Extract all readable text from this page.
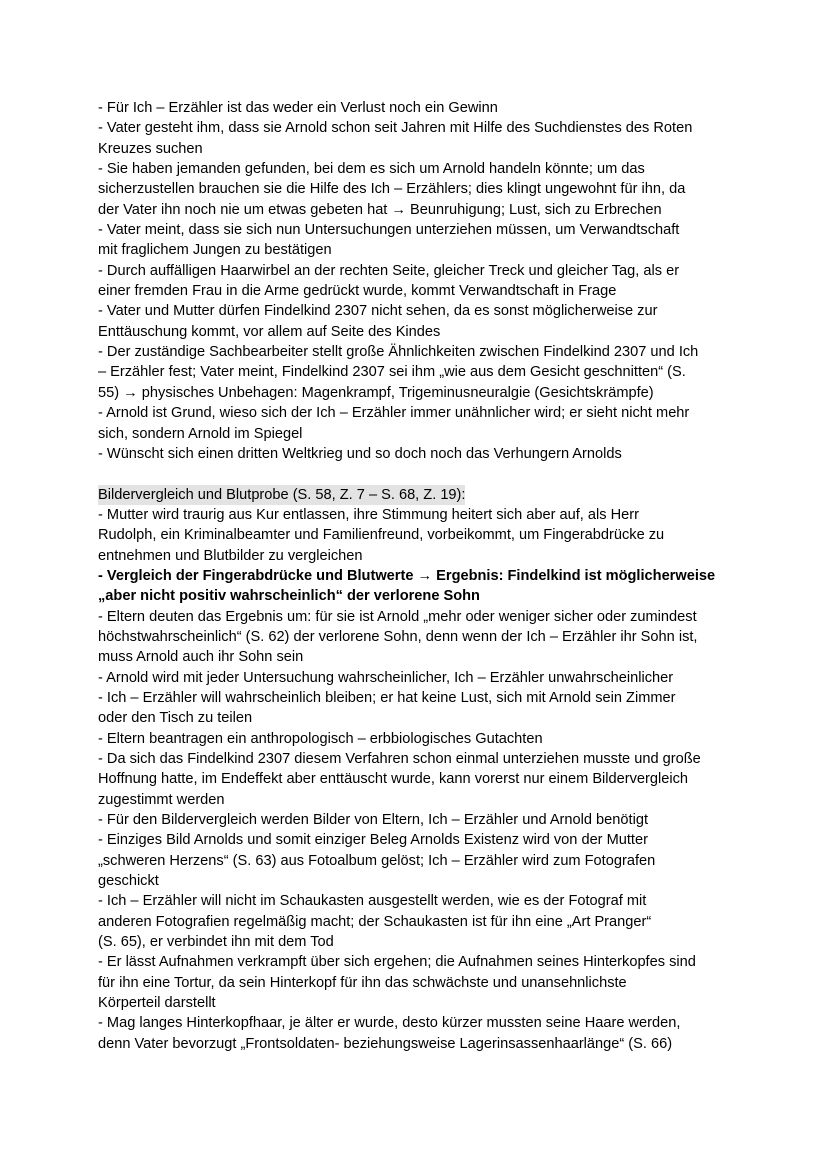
- Für Ich – Erzähler ist das weder ein Verlust noch ein Gewinn
- Vater gesteht ihm, dass sie Arnold schon seit Jahren mit Hilfe des Suchdienstes des Roten
Kreuzes suchen
- Sie haben jemanden gefunden, bei dem es sich um Arnold handeln könnte; um das
sicherzustellen brauchen sie die Hilfe des Ich – Erzählers; dies klingt ungewohnt für ihn, da
der Vater ihn noch nie um etwas gebeten hat → Beunruhigung; Lust, sich zu Erbrechen
- Vater meint, dass sie sich nun Untersuchungen unterziehen müssen, um Verwandtschaft
mit fraglichem Jungen zu bestätigen
- Durch auffälligen Haarwirbel an der rechten Seite, gleicher Treck und gleicher Tag, als er
einer fremden Frau in die Arme gedrückt wurde, kommt Verwandtschaft in Frage
- Vater und Mutter dürfen Findelkind 2307 nicht sehen, da es sonst möglicherweise zur
Enttäuschung kommt, vor allem auf Seite des Kindes
- Der zuständige Sachbearbeiter stellt große Ähnlichkeiten zwischen Findelkind 2307 und Ich
– Erzähler fest; Vater meint, Findelkind 2307 sei ihm „wie aus dem Gesicht geschnitten“ (S.
55) → physisches Unbehagen: Magenkrampf, Trigeminusneuralgie (Gesichtskrämpfe)
- Arnold ist Grund, wieso sich der Ich – Erzähler immer unähnlicher wird; er sieht nicht mehr
sich, sondern Arnold im Spiegel
- Wünscht sich einen dritten Weltkrieg und so doch noch das Verhungern Arnolds
Bildervergleich und Blutprobe (S. 58, Z. 7 – S. 68, Z. 19):
- Mutter wird traurig aus Kur entlassen, ihre Stimmung heitert sich aber auf, als Herr
Rudolph, ein Kriminalbeamter und Familienfreund, vorbeikommt, um Fingerabdrücke zu
entnehmen und Blutbilder zu vergleichen
- Vergleich der Fingerabdrücke und Blutwerte → Ergebnis: Findelkind ist möglicherweise
„aber nicht positiv wahrscheinlich“ der verlorene Sohn
- Eltern deuten das Ergebnis um: für sie ist Arnold „mehr oder weniger sicher oder zumindest
höchstwahrscheinlich“ (S. 62) der verlorene Sohn, denn wenn der Ich – Erzähler ihr Sohn ist,
muss Arnold auch ihr Sohn sein
- Arnold wird mit jeder Untersuchung wahrscheinlicher, Ich – Erzähler unwahrscheinlicher
- Ich – Erzähler will wahrscheinlich bleiben; er hat keine Lust, sich mit Arnold sein Zimmer
oder den Tisch zu teilen
- Eltern beantragen ein anthropologisch – erbbiologisches Gutachten
- Da sich das Findelkind 2307 diesem Verfahren schon einmal unterziehen musste und große
Hoffnung hatte, im Endeffekt aber enttäuscht wurde, kann vorerst nur einem Bildervergleich
zugestimmt werden
- Für den Bildervergleich werden Bilder von Eltern, Ich – Erzähler und Arnold benötigt
- Einziges Bild Arnolds und somit einziger Beleg Arnolds Existenz wird von der Mutter
„schweren Herzens“ (S. 63) aus Fotoalbum gelöst; Ich – Erzähler wird zum Fotografen
geschickt
- Ich – Erzähler will nicht im Schaukasten ausgestellt werden, wie es der Fotograf mit
anderen Fotografien regelmäßig macht; der Schaukasten ist für ihn eine „Art Pranger“
(S. 65), er verbindet ihn mit dem Tod
- Er lässt Aufnahmen verkrampft über sich ergehen; die Aufnahmen seines Hinterkopfes sind
für ihn eine Tortur, da sein Hinterkopf für ihn das schwächste und unansehnlichste
Körperteil darstellt
- Mag langes Hinterkopfhaar, je älter er wurde, desto kürzer mussten seine Haare werden,
denn Vater bevorzugt „Frontsoldaten- beziehungsweise Lagerinsassenhaarlänge“ (S. 66)
